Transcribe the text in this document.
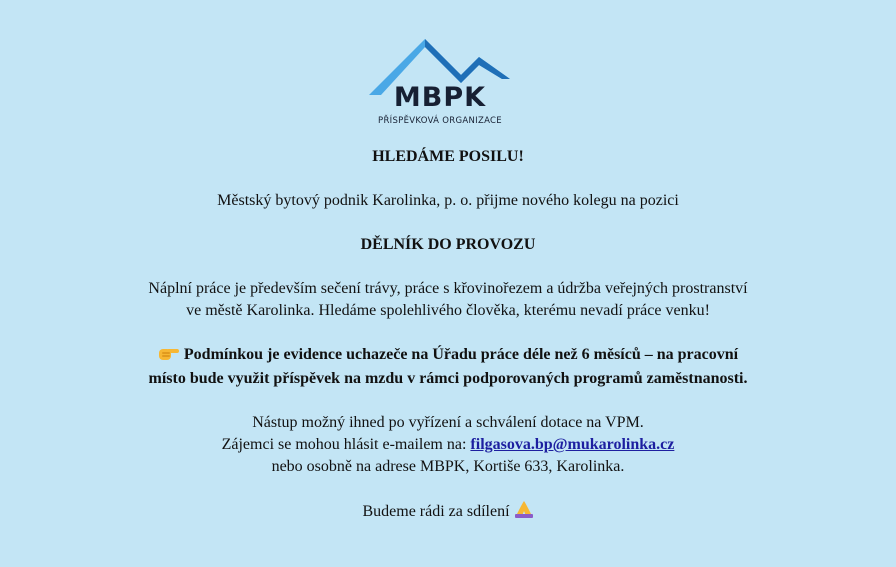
MBPK
PŘÍSPĚVKOVÁ ORGANIZACE

HLEDÁME POSILU!

Městský bytový podnik Karolinka, p. o. přijme nového kolegu na pozici

DĚLNÍK DO PROVOZU

Náplní práce je především sečení trávy, práce s křovinořezem a údržba veřejných prostranství

ve městě Karolinka. Hledáme spolehlivého člověka, kterému nevadí práce venku!

Podmínkou je evidence uchazeče na Úřadu práce déle než 6 měsíců – na pracovní

místo bude využit příspěvek na mzdu v rámci podporovaných programů zaměstnanosti.

Nástup možný ihned po vyřízení a schválení dotace na VPM.

Zájemci se mohou hlásit e-mailem na: filgasova.bp@mukarolinka.cz

nebo osobně na adrese MBPK, Kortiše 633, Karolinka.

Budeme rádi za sdílení
